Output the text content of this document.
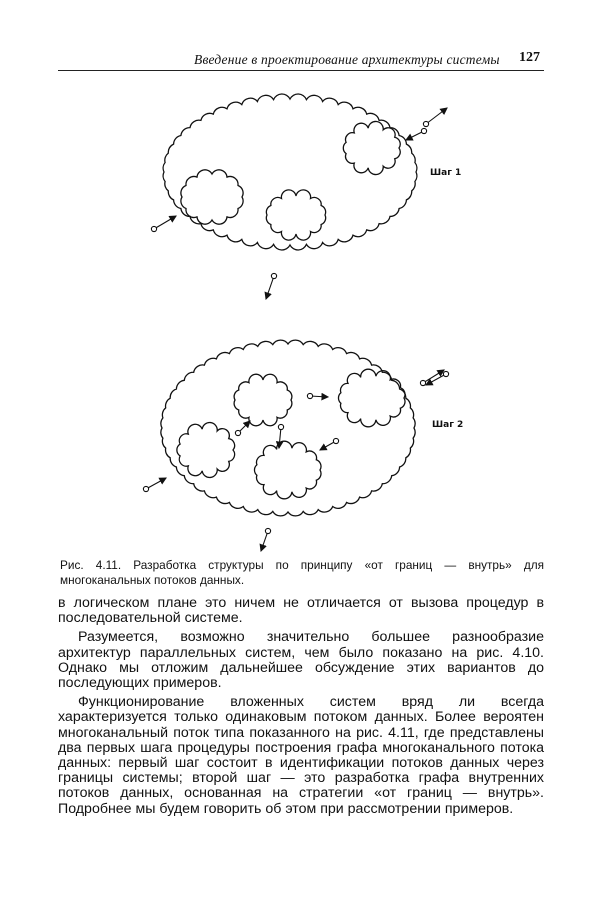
Введение в проектирование архитектуры системы 127
Шаг 1
Шаг 2
Рис. 4.11. Разработка структуры по принципу «от границ — внутрь» для многоканальных потоков данных.

в логическом плане это ничем не отличается от вызова процедур в последовательной системе.

Разумеется, возможно значительно большее разнообразие архитектур параллельных систем, чем было показано на рис. 4.10. Однако мы отложим дальнейшее обсуждение этих вариантов до последующих примеров.

Функционирование вложенных систем вряд ли всегда характеризуется только одинаковым потоком данных. Более вероятен многоканальный поток типа показанного на рис. 4.11, где представлены два первых шага процедуры построения графа многоканального потока данных: первый шаг состоит в идентификации потоков данных через границы системы; второй шаг — это разработка графа внутренних потоков данных, основанная на стратегии «от границ — внутрь». Подробнее мы будем говорить об этом при рассмотрении примеров.
